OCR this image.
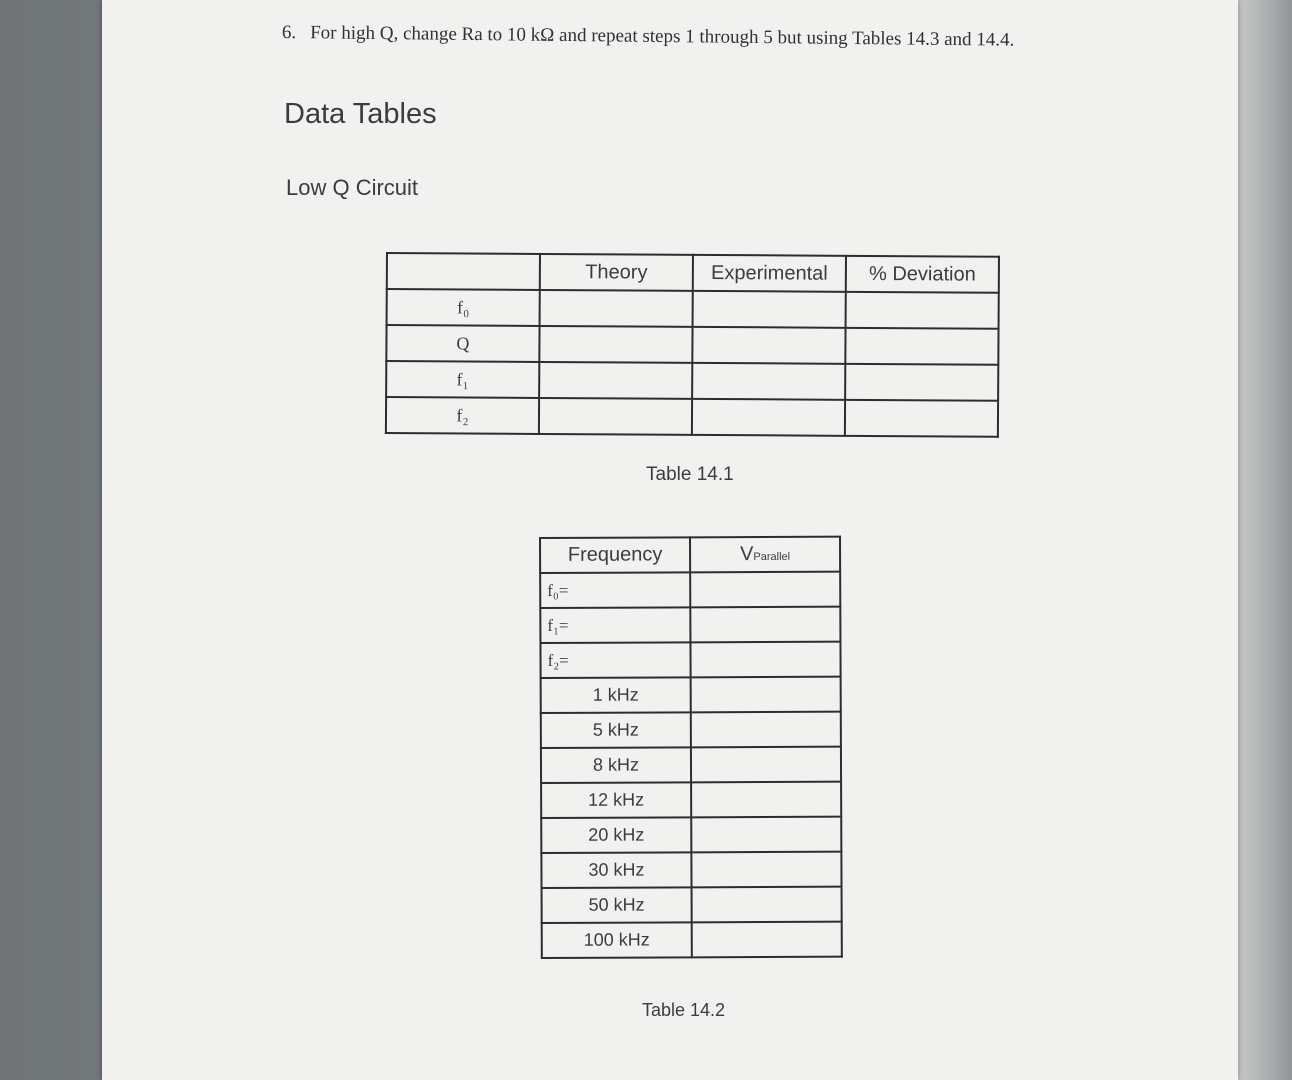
6. For high Q, change Ra to 10 kΩ and repeat steps 1 through 5 but using Tables 14.3 and 14.4.
Data Tables
Low Q Circuit
	Theory	Experimental	% Deviation
f₀			
Q			
f₁			
f₂			
Table 14.1
Frequency	VParallel
f₀=	
f₁=	
f₂=	
1 kHz	
5 kHz	
8 kHz	
12 kHz	
20 kHz	
30 kHz	
50 kHz	
100 kHz	
Table 14.2
